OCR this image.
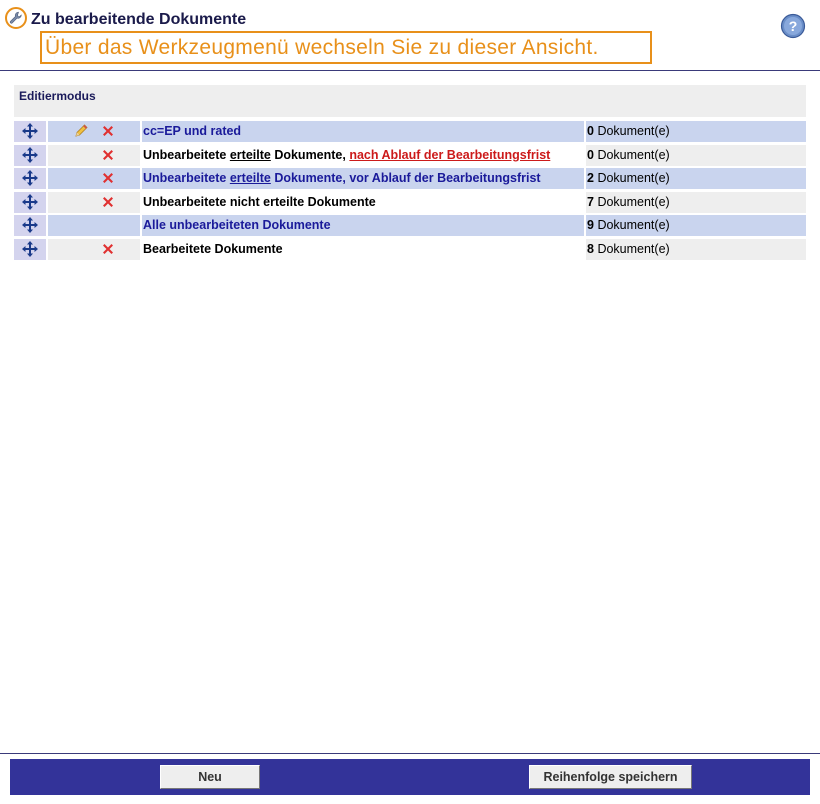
Zu bearbeitende Dokumente
Über das Werkzeugmenü wechseln Sie zu dieser Ansicht.
?
Editiermodus
cc=EP und rated	0 Dokument(e)
Unbearbeitete erteilte Dokumente, nach Ablauf der Bearbeitungsfrist	0 Dokument(e)
Unbearbeitete erteilte Dokumente, vor Ablauf der Bearbeitungsfrist	2 Dokument(e)
Unbearbeitete nicht erteilte Dokumente	7 Dokument(e)
Alle unbearbeiteten Dokumente	9 Dokument(e)
Bearbeitete Dokumente	8 Dokument(e)
Neu	Reihenfolge speichern
